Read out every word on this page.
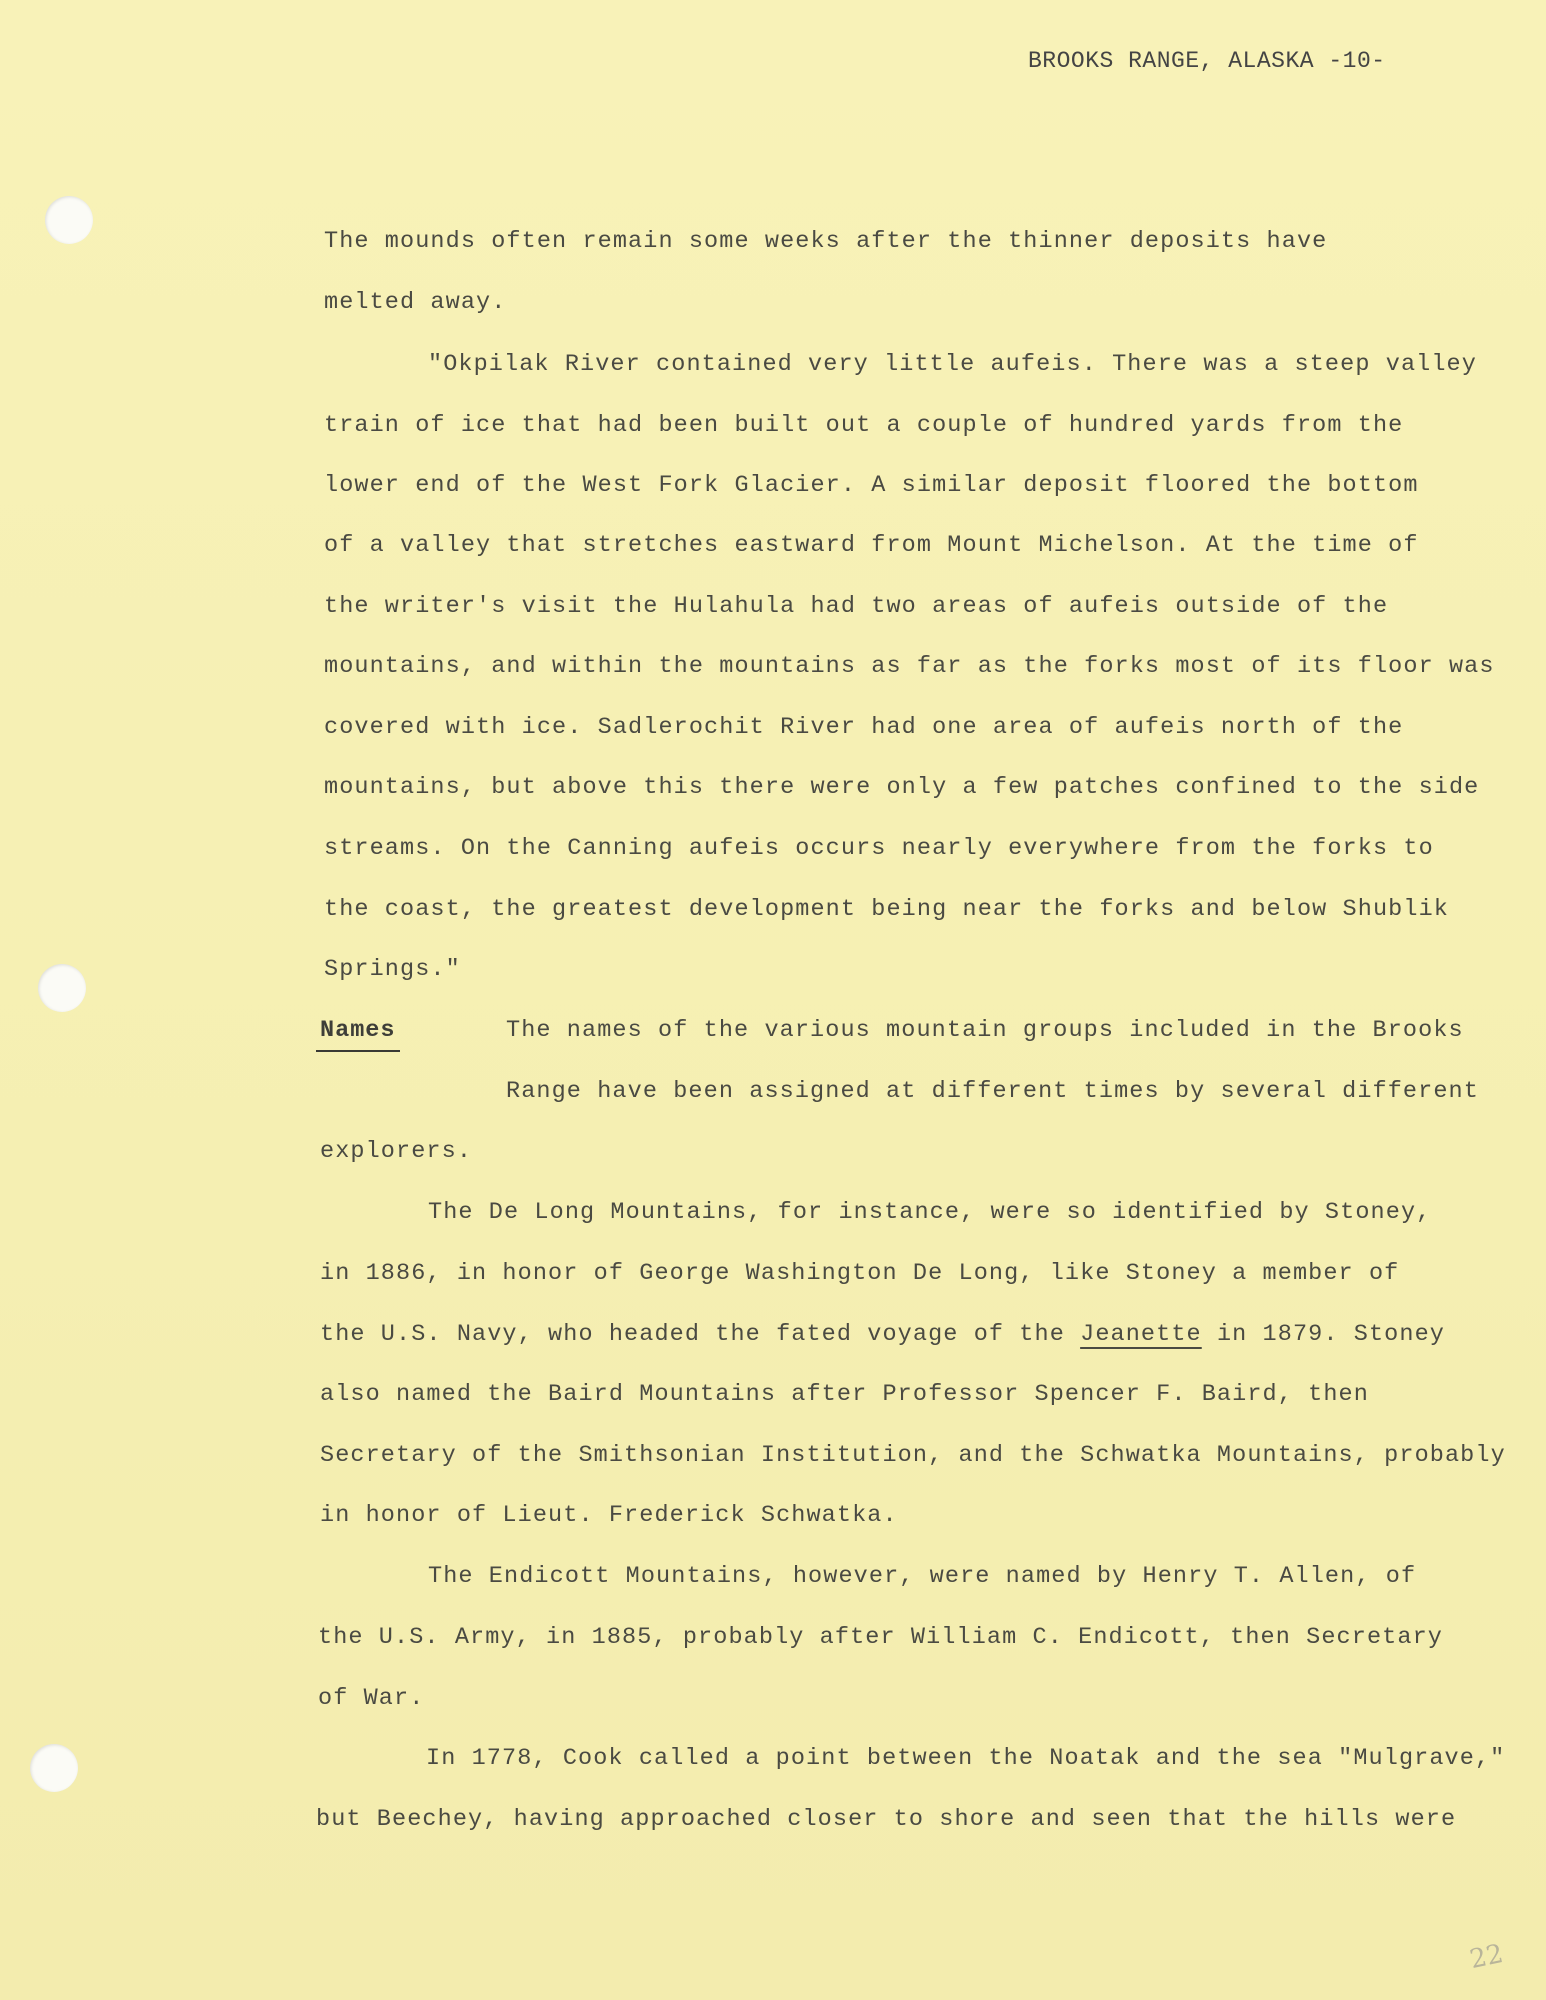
BROOKS RANGE, ALASKA -10-
The mounds often remain some weeks after the thinner deposits have
melted away.
"Okpilak River contained very little aufeis. There was a steep valley
train of ice that had been built out a couple of hundred yards from the
lower end of the West Fork Glacier. A similar deposit floored the bottom
of a valley that stretches eastward from Mount Michelson. At the time of
the writer's visit the Hulahula had two areas of aufeis outside of the
mountains, and within the mountains as far as the forks most of its floor was
covered with ice. Sadlerochit River had one area of aufeis north of the
mountains, but above this there were only a few patches confined to the side
streams. On the Canning aufeis occurs nearly everywhere from the forks to
the coast, the greatest development being near the forks and below Shublik
Springs."
Names	The names of the various mountain groups included in the Brooks
Range have been assigned at different times by several different
explorers.
The De Long Mountains, for instance, were so identified by Stoney,
in 1886, in honor of George Washington De Long, like Stoney a member of
the U.S. Navy, who headed the fated voyage of the Jeanette in 1879. Stoney
also named the Baird Mountains after Professor Spencer F. Baird, then
Secretary of the Smithsonian Institution, and the Schwatka Mountains, probably
in honor of Lieut. Frederick Schwatka.
The Endicott Mountains, however, were named by Henry T. Allen, of
the U.S. Army, in 1885, probably after William C. Endicott, then Secretary
of War.
In 1778, Cook called a point between the Noatak and the sea "Mulgrave,"
but Beechey, having approached closer to shore and seen that the hills were
22
